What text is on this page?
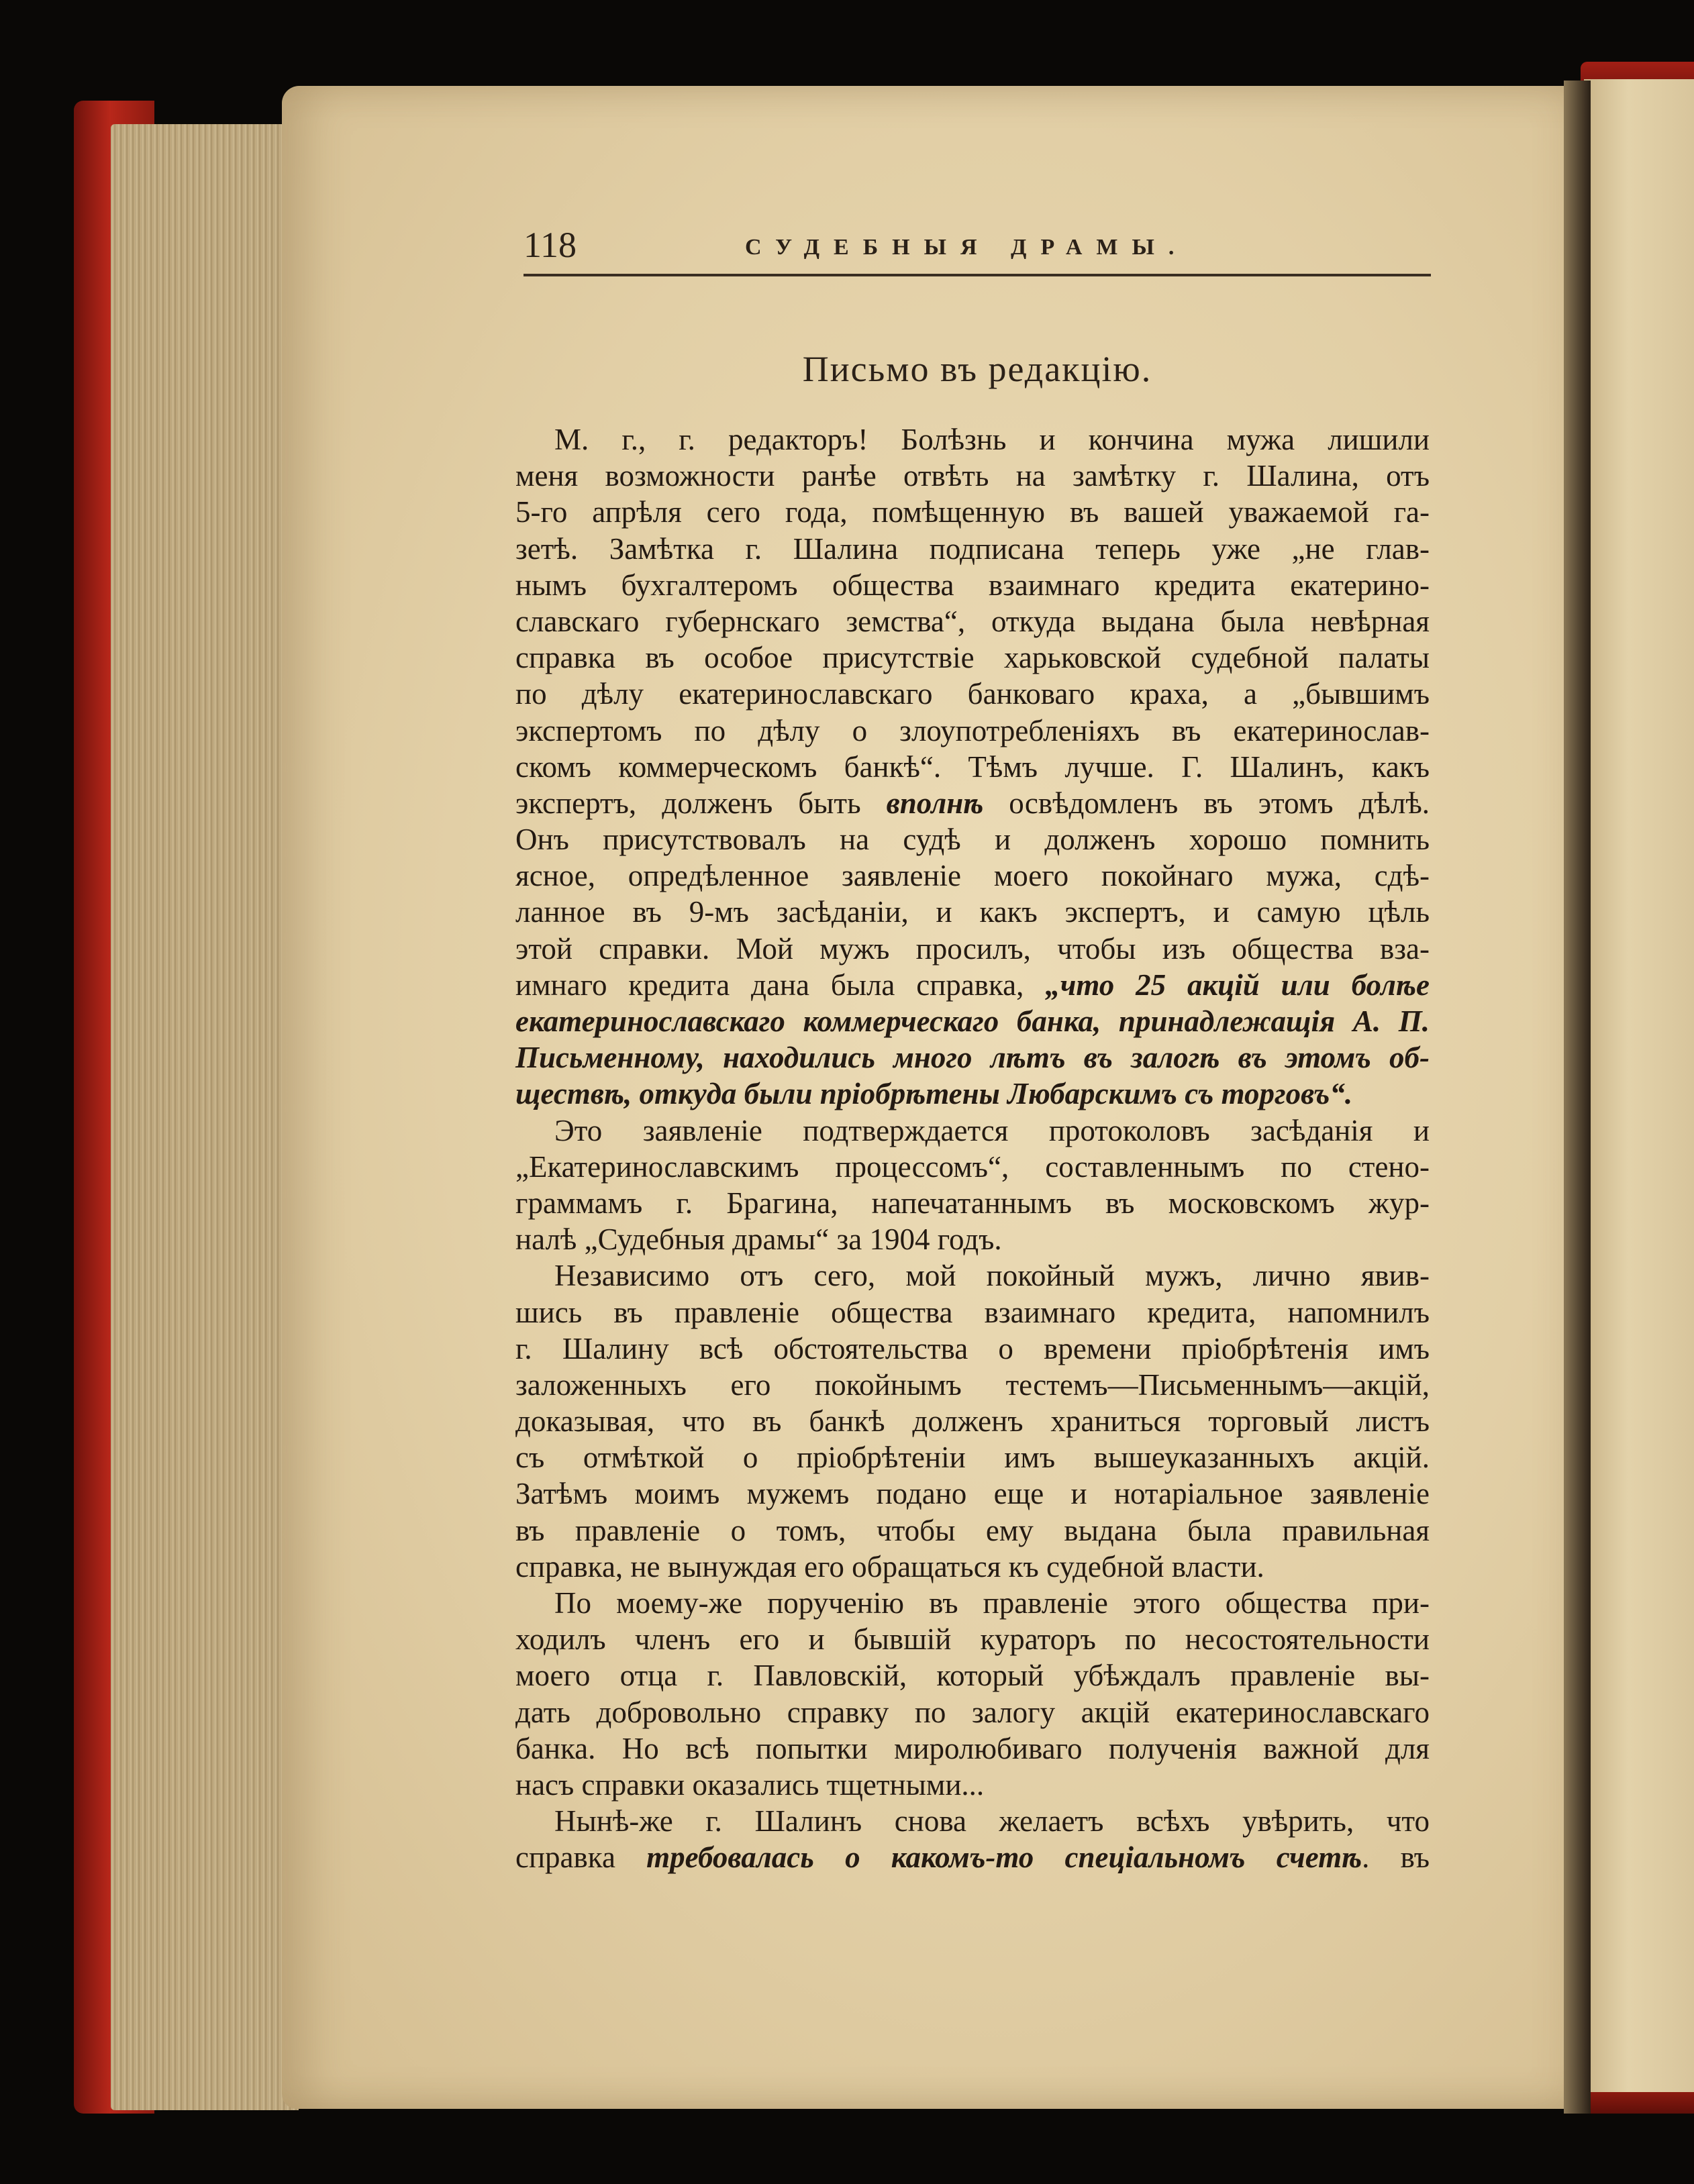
118	СУДЕБНЫЯ ДРАМЫ.
Письмо въ редакцію.
М. г., г. редакторъ! Болѣзнь и кончина мужа лишили
меня возможности ранѣе отвѣть на замѣтку г. Шалина, отъ
5-го апрѣля сего года, помѣщенную въ вашей уважаемой га-
зетѣ. Замѣтка г. Шалина подписана теперь уже „не глав-
нымъ бухгалтеромъ общества взаимнаго кредита екатерино-
славскаго губернскаго земства“, откуда выдана была невѣрная
справка въ особое присутствіе харьковской судебной палаты
по дѣлу екатеринославскаго банковаго краха, а „бывшимъ
экспертомъ по дѣлу о злоупотребленіяхъ въ екатеринослав-
скомъ коммерческомъ банкѣ“. Тѣмъ лучше. Г. Шалинъ, какъ
экспертъ, долженъ быть вполнѣ освѣдомленъ въ этомъ дѣлѣ.
Онъ присутствовалъ на судѣ и долженъ хорошо помнить
ясное, опредѣленное заявленіе моего покойнаго мужа, сдѣ-
ланное въ 9-мъ засѣданіи, и какъ экспертъ, и самую цѣль
этой справки. Мой мужъ просилъ, чтобы изъ общества вза-
имнаго кредита дана была справка, „что 25 акцій или болѣе
екатеринославскаго коммерческаго банка, принадлежащія А. П.
Письменному, находились много лѣтъ въ залогѣ въ этомъ об-
ществѣ, откуда были пріобрѣтены Любарскимъ съ торговъ“.
Это заявленіе подтверждается протоколовъ засѣданія и
„Екатеринославскимъ процессомъ“, составленнымъ по стено-
граммамъ г. Брагина, напечатаннымъ въ московскомъ жур-
налѣ „Судебныя драмы“ за 1904 годъ.
Независимо отъ сего, мой покойный мужъ, лично явив-
шись въ правленіе общества взаимнаго кредита, напомнилъ
г. Шалину всѣ обстоятельства о времени пріобрѣтенія имъ
заложенныхъ его покойнымъ тестемъ—Письменнымъ—акцій,
доказывая, что въ банкѣ долженъ храниться торговый листъ
съ отмѣткой о пріобрѣтеніи имъ вышеуказанныхъ акцій.
Затѣмъ моимъ мужемъ подано еще и нотаріальное заявленіе
въ правленіе о томъ, чтобы ему выдана была правильная
справка, не вынуждая его обращаться къ судебной власти.
По моему-же порученію въ правленіе этого общества при-
ходилъ членъ его и бывшій кураторъ по несостоятельности
моего отца г. Павловскій, который убѣждалъ правленіе вы-
дать добровольно справку по залогу акцій екатеринославскаго
банка. Но всѣ попытки миролюбиваго полученія важной для
насъ справки оказались тщетными...
Нынѣ-же г. Шалинъ снова желаетъ всѣхъ увѣрить, что
справка требовалась о какомъ-то спеціальномъ счетѣ. въ
